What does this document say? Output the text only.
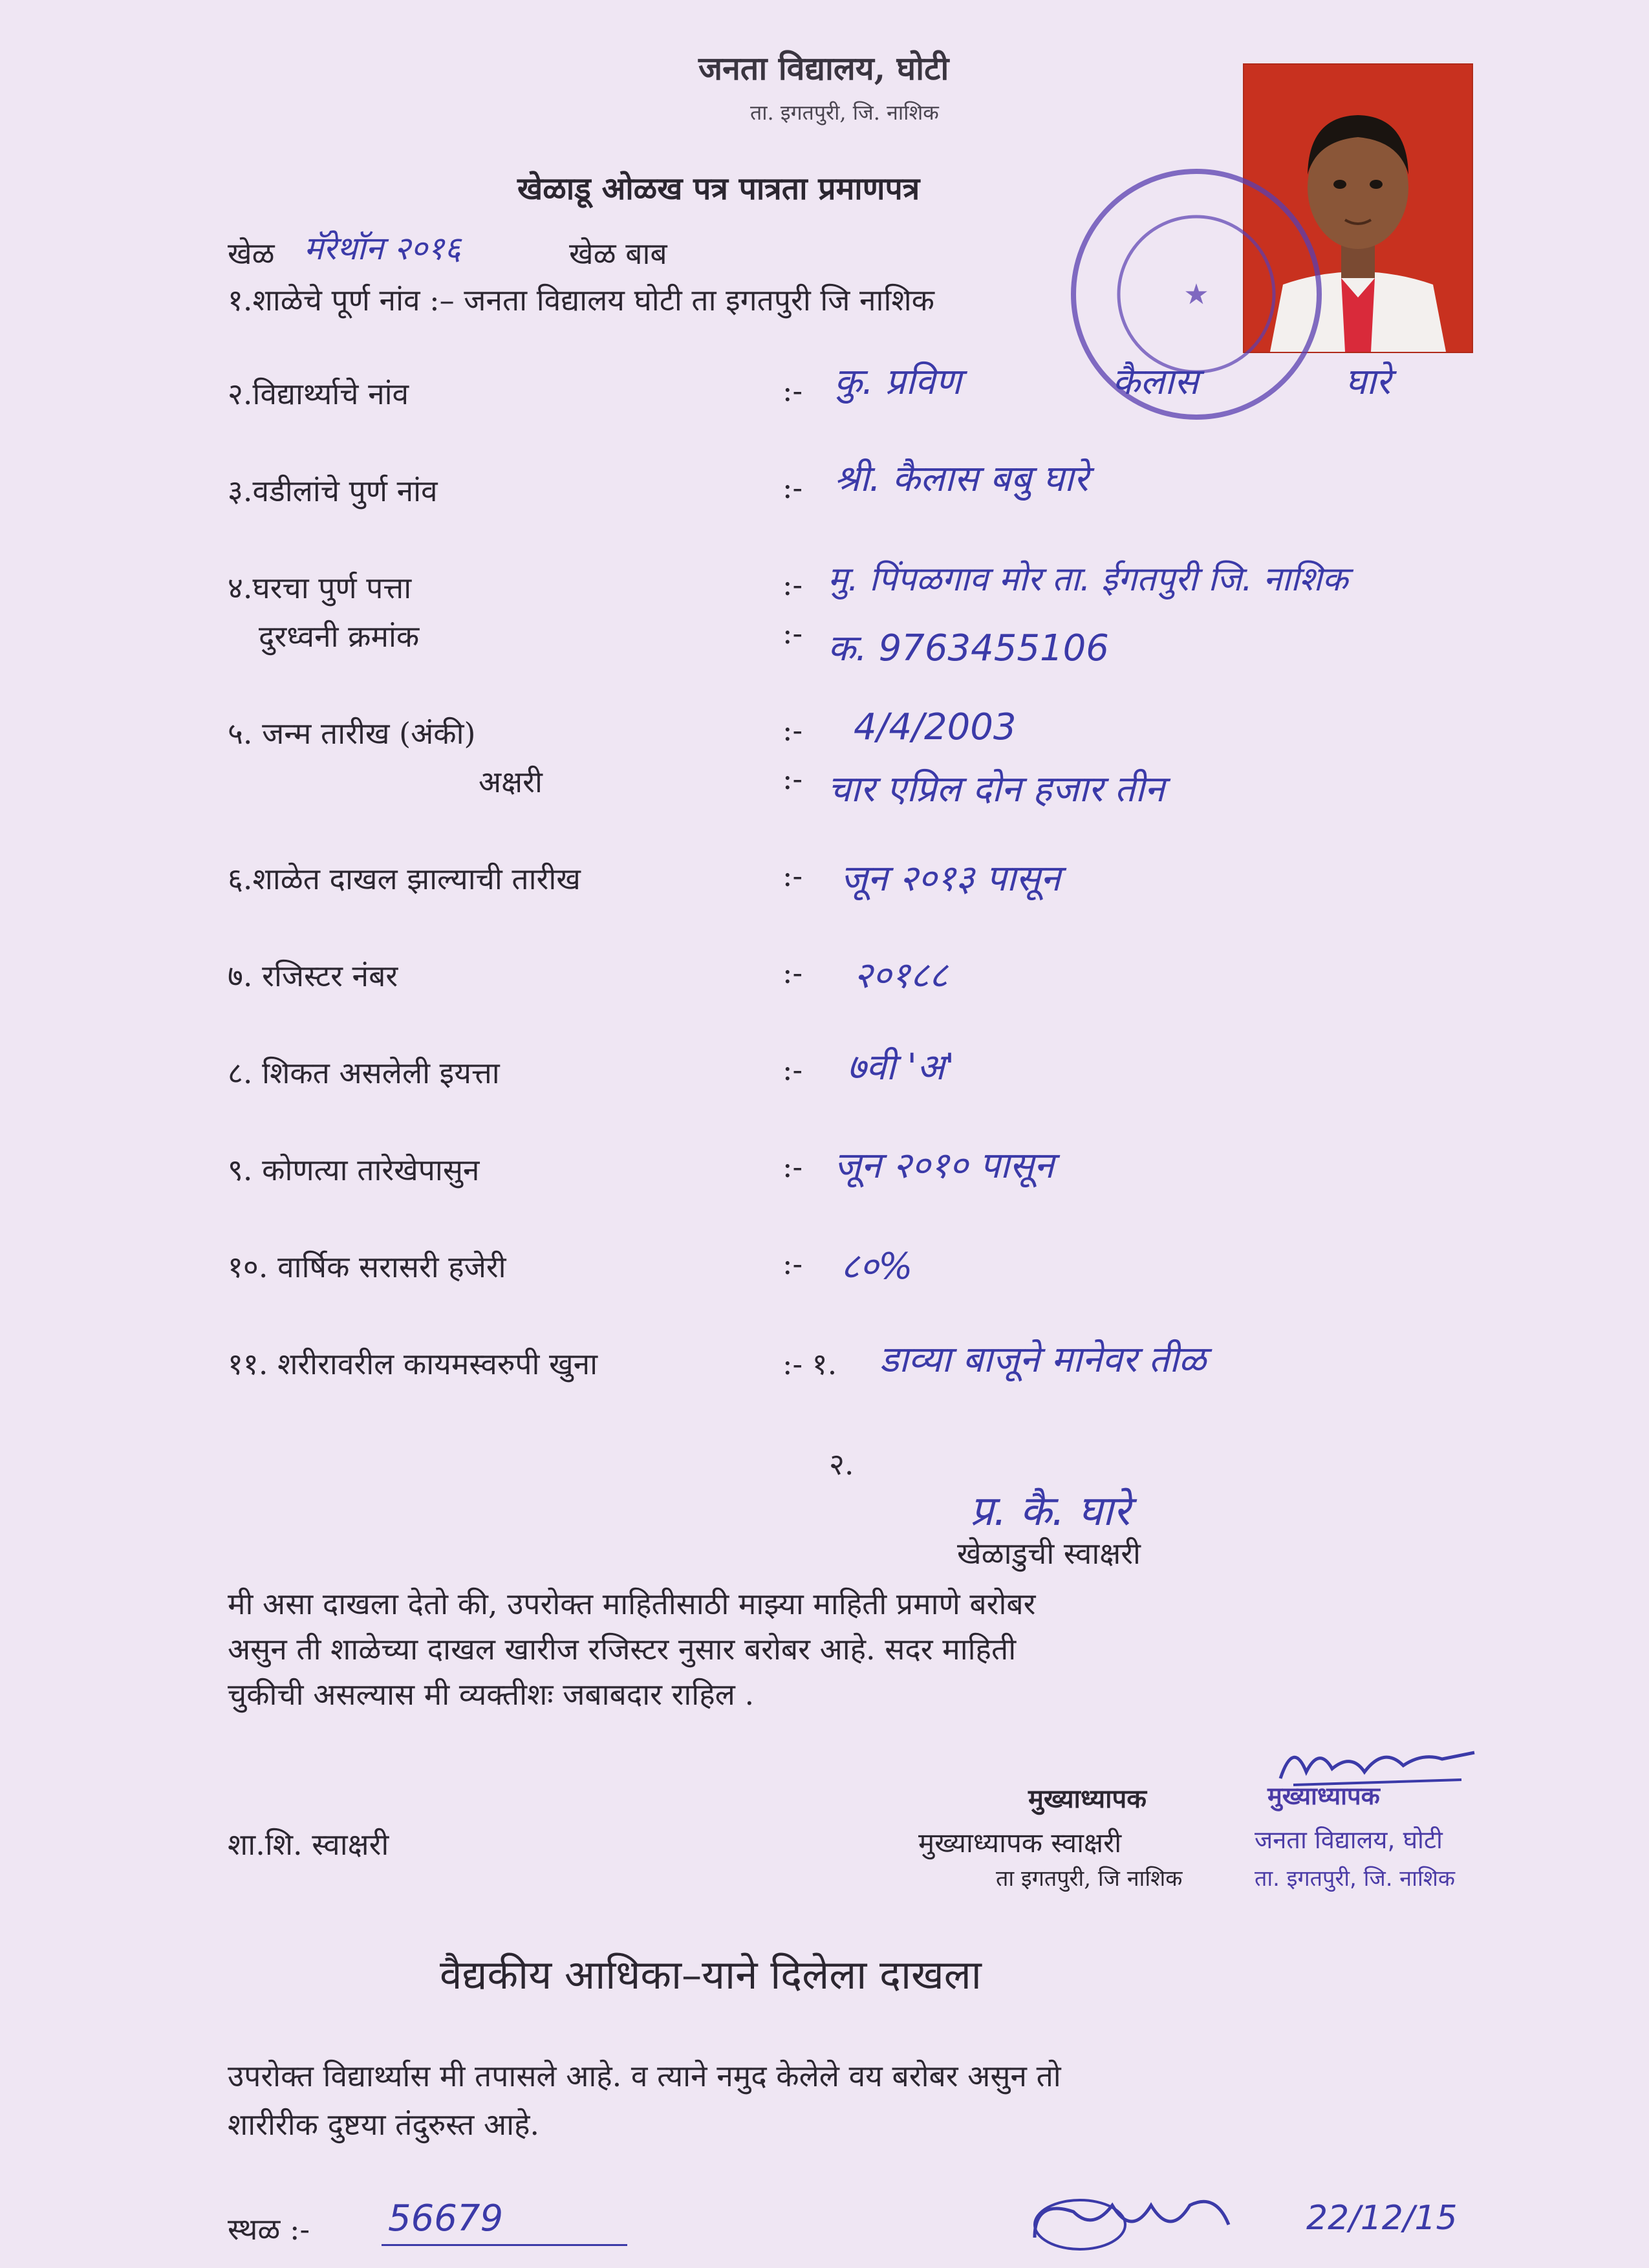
जनता विद्यालय, घोटी
ता. इगतपुरी, जि. नाशिक
★
खेळाडू ओळख पत्र पात्रता प्रमाणपत्र
खेळ मॅरेथॉन २०१६	खेळ बाब
१.शाळेचे पूर्ण नांव :– जनता विद्यालय घोटी ता इगतपुरी जि नाशिक
२.विद्यार्थ्याचे नांव	:- कु. प्रविण	कैलास	घारे
३.वडीलांचे पुर्ण नांव	:- श्री. कैलास बबु घारे
४.घरचा पुर्ण पत्ता	:- मु. पिंपळगाव मोर ता. ईगतपुरी जि. नाशिक
दुरध्वनी क्रमांक	:- क. 9763455106
५. जन्म तारीख (अंकी)	:- 4/4/2003
अक्षरी	:- चार एप्रिल दोन हजार तीन
६.शाळेत दाखल झाल्याची तारीख	:- जून २०१३ पासून
७. रजिस्टर नंबर	:- २०१८८
८. शिकत असलेली इयत्ता	:- ७वी 'अ'
९. कोणत्या तारेखेपासुन	:- जून २०१० पासून
१०. वार्षिक सरासरी हजेरी	:- ८०%
११. शरीरावरील कायमस्वरुपी खुना	:- १. डाव्या बाजूने मानेवर तीळ
२.
प्र. कै. घारे
खेळाडुची स्वाक्षरी
मी असा दाखला देतो की, उपरोक्त माहितीसाठी माझ्या माहिती प्रमाणे बरोबर
असुन ती शाळेच्या दाखल खारीज रजिस्टर नुसार बरोबर आहे. सदर माहिती
चुकीची असल्यास मी व्यक्तीशः जबाबदार राहिल .
शा.शि. स्वाक्षरी
मुख्याध्यापक
मुख्याध्यापक स्वाक्षरी
ता इगतपुरी, जि नाशिक
मुख्याध्यापक
जनता विद्यालय, घोटी
ता. इगतपुरी, जि. नाशिक
वैद्यकीय आधिका–याने दिलेला दाखला
उपरोक्त विद्यार्थ्यास मी तपासले आहे. व त्याने नमुद केलेले वय बरोबर असुन तो
शारीरीक दुष्टया तंदुरुस्त आहे.
स्थळ :- 56679	22/12/15
